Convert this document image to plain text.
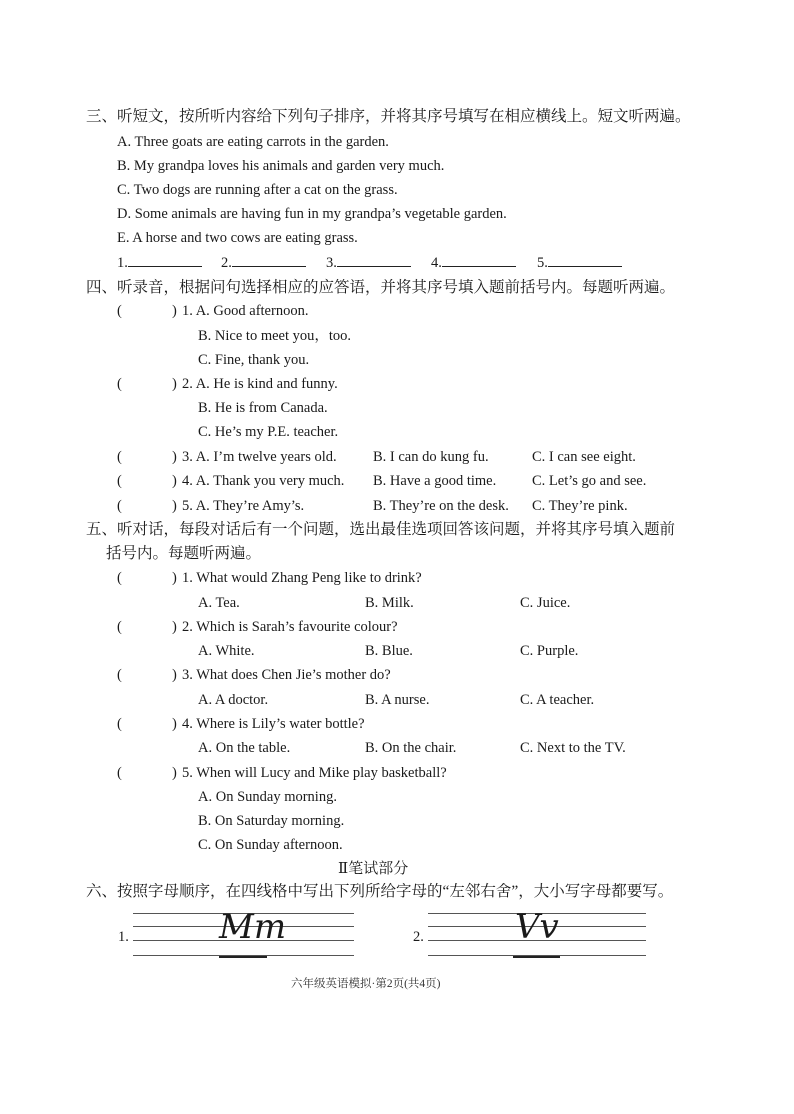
三、听短文，按所听内容给下列句子排序，并将其序号填写在相应横线上。短文听两遍。
A. Three goats are eating carrots in the garden.
B. My grandpa loves his animals and garden very much.
C. Two dogs are running after a cat on the grass.
D. Some animals are having fun in my grandpa’s vegetable garden.
E. A horse and two cows are eating grass.
1.	2.	3.	4.	5.
四、听录音，根据问句选择相应的应答语，并将其序号填入题前括号内。每题听两遍。
(	) 1. A. Good afternoon.
B. Nice to meet you，too.
C. Fine, thank you.
(	) 2. A. He is kind and funny.
B. He is from Canada.
C. He’s my P.E. teacher.
(	) 3. A. I’m twelve years old.	B. I can do kung fu.	C. I can see eight.
(	) 4. A. Thank you very much. B. Have a good time. C. Let’s go and see.
(	) 5. A. They’re Amy’s.	B. They’re on the desk. C. They’re pink.
五、听对话，每段对话后有一个问题，选出最佳选项回答该问题，并将其序号填入题前
括号内。每题听两遍。
(	) 1. What would Zhang Peng like to drink?
A. Tea.	B. Milk.	C. Juice.
(	) 2. Which is Sarah’s favourite colour?
A. White.	B. Blue.	C. Purple.
(	) 3. What does Chen Jie’s mother do?
A. A doctor.	B. A nurse.	C. A teacher.
(	) 4. Where is Lily’s water bottle?
A. On the table.	B. On the chair.	C. Next to the TV.
(	) 5. When will Lucy and Mike play basketball?
A. On Sunday morning.
B. On Saturday morning.
C. On Sunday afternoon.
Ⅱ笔试部分
六、按照字母顺序，在四线格中写出下列所给字母的“左邻右舍”，大小写字母都要写。
1.	Mm	2.	Vv
六年级英语模拟·第2页(共4页)
